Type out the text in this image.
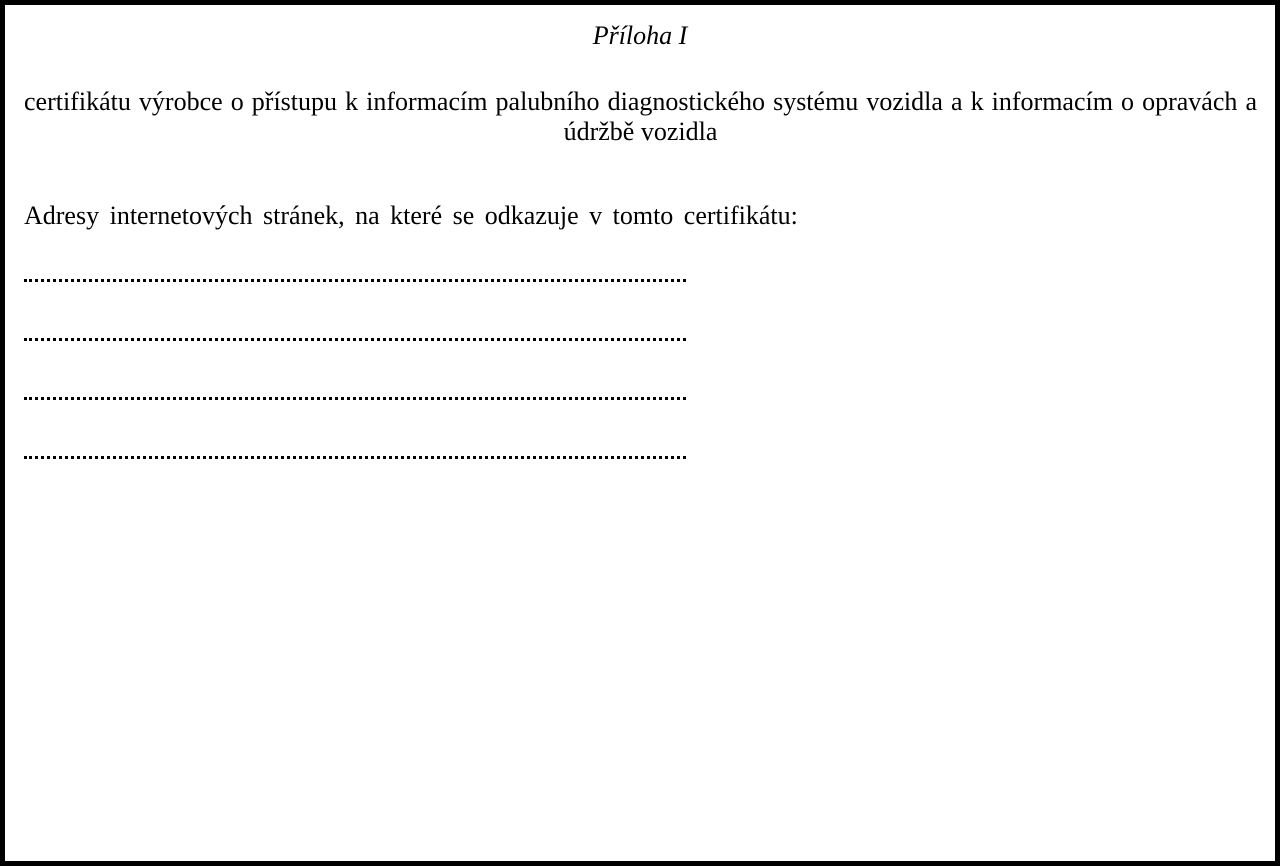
Příloha I

certifikátu výrobce o přístupu k informacím palubního diagnostického systému vozidla a k informacím o opravách a údržbě vozidla

Adresy internetových stránek, na které se odkazuje v tomto certifikátu:
